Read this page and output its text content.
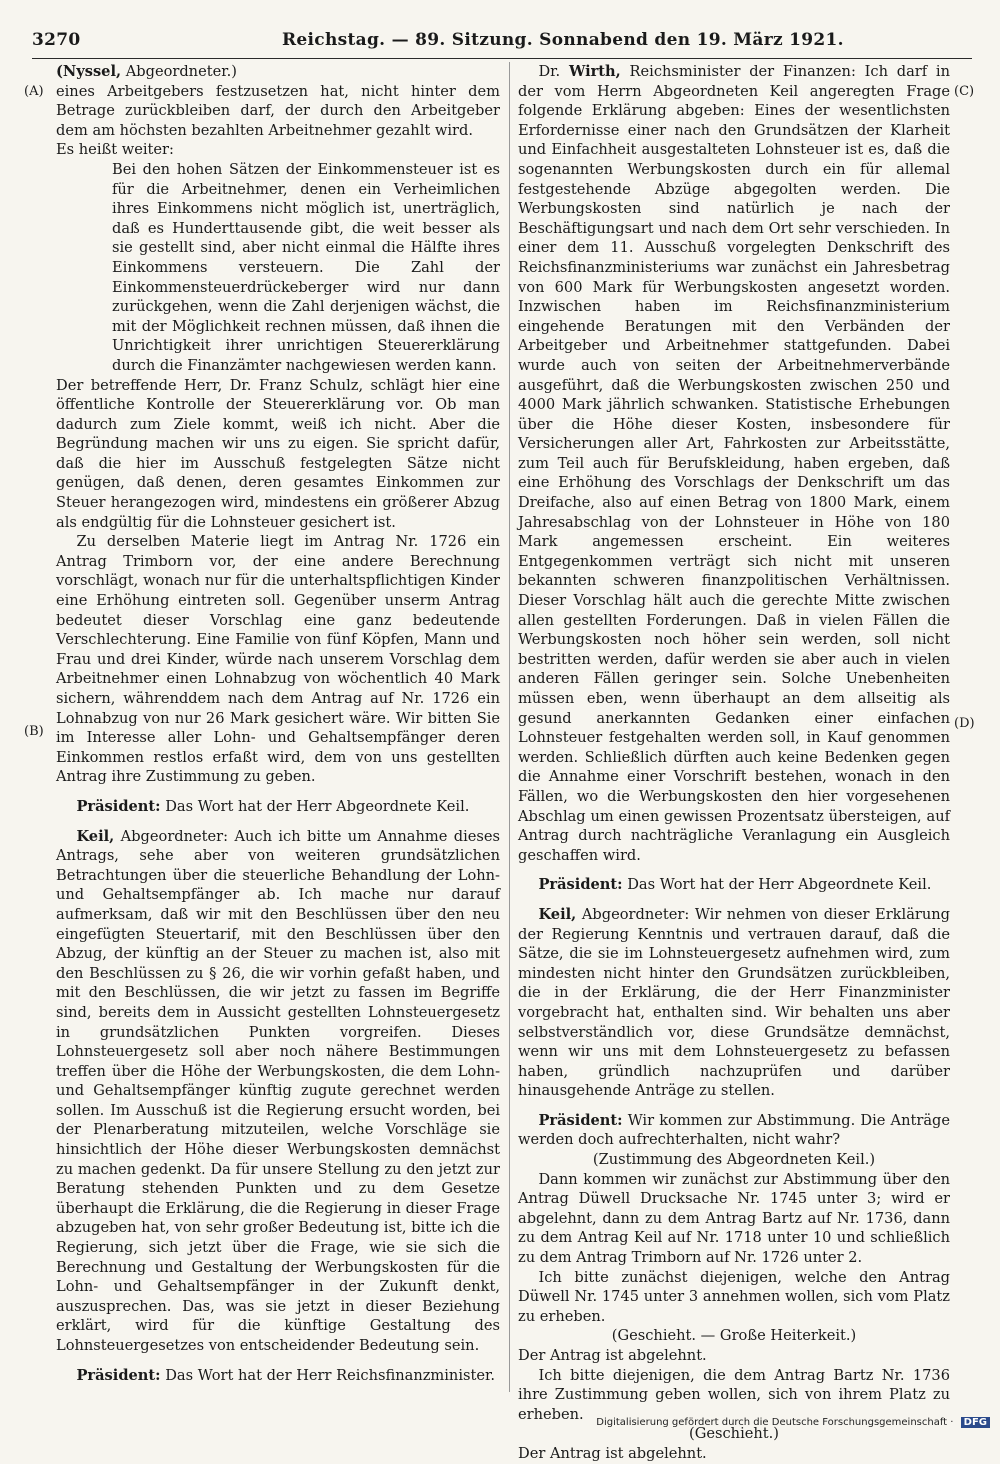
3270	Reichstag. — 89. Sitzung. Sonnabend den 19. März 1921.
(A)
(B)
(C)
(D)

(Nyssel, Abgeordneter.)

eines Arbeitgebers festzusetzen hat, nicht hinter dem Betrage zurückbleiben darf, der durch den Arbeitgeber dem am höchsten bezahlten Arbeitnehmer gezahlt wird.

Es heißt weiter:

Bei den hohen Sätzen der Einkommensteuer ist es für die Arbeitnehmer, denen ein Verheimlichen ihres Einkommens nicht möglich ist, unerträglich, daß es Hunderttausende gibt, die weit besser als sie gestellt sind, aber nicht einmal die Hälfte ihres Einkommens versteuern. Die Zahl der Einkommensteuerdrückeberger wird nur dann zurückgehen, wenn die Zahl derjenigen wächst, die mit der Möglichkeit rechnen müssen, daß ihnen die Unrichtigkeit ihrer unrichtigen Steuererklärung durch die Finanzämter nachgewiesen werden kann.

Der betreffende Herr, Dr. Franz Schulz, schlägt hier eine öffentliche Kontrolle der Steuererklärung vor. Ob man dadurch zum Ziele kommt, weiß ich nicht. Aber die Begründung machen wir uns zu eigen. Sie spricht dafür, daß die hier im Ausschuß festgelegten Sätze nicht genügen, daß denen, deren gesamtes Einkommen zur Steuer herangezogen wird, mindestens ein größerer Abzug als endgültig für die Lohnsteuer gesichert ist.

Zu derselben Materie liegt im Antrag Nr. 1726 ein Antrag Trimborn vor, der eine andere Berechnung vorschlägt, wonach nur für die unterhaltspflichtigen Kinder eine Erhöhung eintreten soll. Gegenüber unserm Antrag bedeutet dieser Vorschlag eine ganz bedeutende Verschlechterung. Eine Familie von fünf Köpfen, Mann und Frau und drei Kinder, würde nach unserem Vorschlag dem Arbeitnehmer einen Lohnabzug von wöchentlich 40 Mark sichern, währenddem nach dem Antrag auf Nr. 1726 ein Lohnabzug von nur 26 Mark gesichert wäre. Wir bitten Sie im Interesse aller Lohn- und Gehaltsempfänger deren Einkommen restlos erfaßt wird, dem von uns gestellten Antrag ihre Zustimmung zu geben.

Präsident: Das Wort hat der Herr Abgeordnete Keil.

Keil, Abgeordneter: Auch ich bitte um Annahme dieses Antrags, sehe aber von weiteren grundsätzlichen Betrachtungen über die steuerliche Behandlung der Lohn- und Gehaltsempfänger ab. Ich mache nur darauf aufmerksam, daß wir mit den Beschlüssen über den neu eingefügten Steuertarif, mit den Beschlüssen über den Abzug, der künftig an der Steuer zu machen ist, also mit den Beschlüssen zu § 26, die wir vorhin gefaßt haben, und mit den Beschlüssen, die wir jetzt zu fassen im Begriffe sind, bereits dem in Aussicht gestellten Lohnsteuergesetz in grundsätzlichen Punkten vorgreifen. Dieses Lohnsteuergesetz soll aber noch nähere Bestimmungen treffen über die Höhe der Werbungskosten, die dem Lohn- und Gehaltsempfänger künftig zugute gerechnet werden sollen. Im Ausschuß ist die Regierung ersucht worden, bei der Plenarberatung mitzuteilen, welche Vorschläge sie hinsichtlich der Höhe dieser Werbungskosten demnächst zu machen gedenkt. Da für unsere Stellung zu den jetzt zur Beratung stehenden Punkten und zu dem Gesetze überhaupt die Erklärung, die die Regierung in dieser Frage abzugeben hat, von sehr großer Bedeutung ist, bitte ich die Regierung, sich jetzt über die Frage, wie sie sich die Berechnung und Gestaltung der Werbungskosten für die Lohn- und Gehaltsempfänger in der Zukunft denkt, auszusprechen. Das, was sie jetzt in dieser Beziehung erklärt, wird für die künftige Gestaltung des Lohnsteuergesetzes von entscheidender Bedeutung sein.

Präsident: Das Wort hat der Herr Reichsfinanzminister.

Dr. Wirth, Reichsminister der Finanzen: Ich darf in der vom Herrn Abgeordneten Keil angeregten Frage folgende Erklärung abgeben: Eines der wesentlichsten Erfordernisse einer nach den Grundsätzen der Klarheit und Einfachheit ausgestalteten Lohnsteuer ist es, daß die sogenannten Werbungskosten durch ein für allemal festgestehende Abzüge abgegolten werden. Die Werbungskosten sind natürlich je nach der Beschäftigungsart und nach dem Ort sehr verschieden. In einer dem 11. Ausschuß vorgelegten Denkschrift des Reichsfinanzministeriums war zunächst ein Jahresbetrag von 600 Mark für Werbungskosten angesetzt worden. Inzwischen haben im Reichsfinanzministerium eingehende Beratungen mit den Verbänden der Arbeitgeber und Arbeitnehmer stattgefunden. Dabei wurde auch von seiten der Arbeitnehmerverbände ausgeführt, daß die Werbungskosten zwischen 250 und 4000 Mark jährlich schwanken. Statistische Erhebungen über die Höhe dieser Kosten, insbesondere für Versicherungen aller Art, Fahrkosten zur Arbeitsstätte, zum Teil auch für Berufskleidung, haben ergeben, daß eine Erhöhung des Vorschlags der Denkschrift um das Dreifache, also auf einen Betrag von 1800 Mark, einem Jahresabschlag von der Lohnsteuer in Höhe von 180 Mark angemessen erscheint. Ein weiteres Entgegenkommen verträgt sich nicht mit unseren bekannten schweren finanzpolitischen Verhältnissen. Dieser Vorschlag hält auch die gerechte Mitte zwischen allen gestellten Forderungen. Daß in vielen Fällen die Werbungskosten noch höher sein werden, soll nicht bestritten werden, dafür werden sie aber auch in vielen anderen Fällen geringer sein. Solche Unebenheiten müssen eben, wenn überhaupt an dem allseitig als gesund anerkannten Gedanken einer einfachen Lohnsteuer festgehalten werden soll, in Kauf genommen werden. Schließlich dürften auch keine Bedenken gegen die Annahme einer Vorschrift bestehen, wonach in den Fällen, wo die Werbungskosten den hier vorgesehenen Abschlag um einen gewissen Prozentsatz übersteigen, auf Antrag durch nachträgliche Veranlagung ein Ausgleich geschaffen wird.

Präsident: Das Wort hat der Herr Abgeordnete Keil.

Keil, Abgeordneter: Wir nehmen von dieser Erklärung der Regierung Kenntnis und vertrauen darauf, daß die Sätze, die sie im Lohnsteuergesetz aufnehmen wird, zum mindesten nicht hinter den Grundsätzen zurückbleiben, die in der Erklärung, die der Herr Finanzminister vorgebracht hat, enthalten sind. Wir behalten uns aber selbstverständlich vor, diese Grundsätze demnächst, wenn wir uns mit dem Lohnsteuergesetz zu befassen haben, gründlich nachzuprüfen und darüber hinausgehende Anträge zu stellen.

Präsident: Wir kommen zur Abstimmung. Die Anträge werden doch aufrechterhalten, nicht wahr?

(Zustimmung des Abgeordneten Keil.)

Dann kommen wir zunächst zur Abstimmung über den Antrag Düwell Drucksache Nr. 1745 unter 3; wird er abgelehnt, dann zu dem Antrag Bartz auf Nr. 1736, dann zu dem Antrag Keil auf Nr. 1718 unter 10 und schließlich zu dem Antrag Trimborn auf Nr. 1726 unter 2.

Ich bitte zunächst diejenigen, welche den Antrag Düwell Nr. 1745 unter 3 annehmen wollen, sich vom Platz zu erheben.

(Geschieht. — Große Heiterkeit.)

Der Antrag ist abgelehnt.

Ich bitte diejenigen, die dem Antrag Bartz Nr. 1736 ihre Zustimmung geben wollen, sich von ihrem Platz zu erheben.

(Geschieht.)

Der Antrag ist abgelehnt.

Digitalisierung gefördert durch die Deutsche Forschungsgemeinschaft · DFG
